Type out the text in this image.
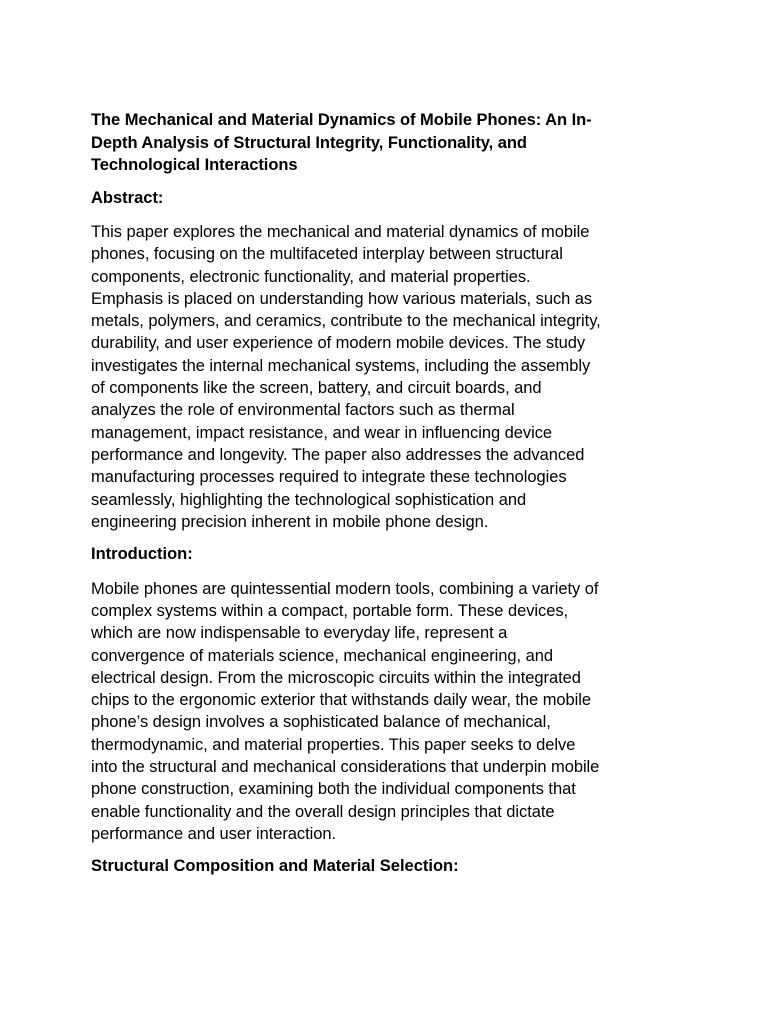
The Mechanical and Material Dynamics of Mobile Phones: An In-
Depth Analysis of Structural Integrity, Functionality, and
Technological Interactions
Abstract:
This paper explores the mechanical and material dynamics of mobile
phones, focusing on the multifaceted interplay between structural
components, electronic functionality, and material properties.
Emphasis is placed on understanding how various materials, such as
metals, polymers, and ceramics, contribute to the mechanical integrity,
durability, and user experience of modern mobile devices. The study
investigates the internal mechanical systems, including the assembly
of components like the screen, battery, and circuit boards, and
analyzes the role of environmental factors such as thermal
management, impact resistance, and wear in influencing device
performance and longevity. The paper also addresses the advanced
manufacturing processes required to integrate these technologies
seamlessly, highlighting the technological sophistication and
engineering precision inherent in mobile phone design.
Introduction:
Mobile phones are quintessential modern tools, combining a variety of
complex systems within a compact, portable form. These devices,
which are now indispensable to everyday life, represent a
convergence of materials science, mechanical engineering, and
electrical design. From the microscopic circuits within the integrated
chips to the ergonomic exterior that withstands daily wear, the mobile
phone’s design involves a sophisticated balance of mechanical,
thermodynamic, and material properties. This paper seeks to delve
into the structural and mechanical considerations that underpin mobile
phone construction, examining both the individual components that
enable functionality and the overall design principles that dictate
performance and user interaction.
Structural Composition and Material Selection:
